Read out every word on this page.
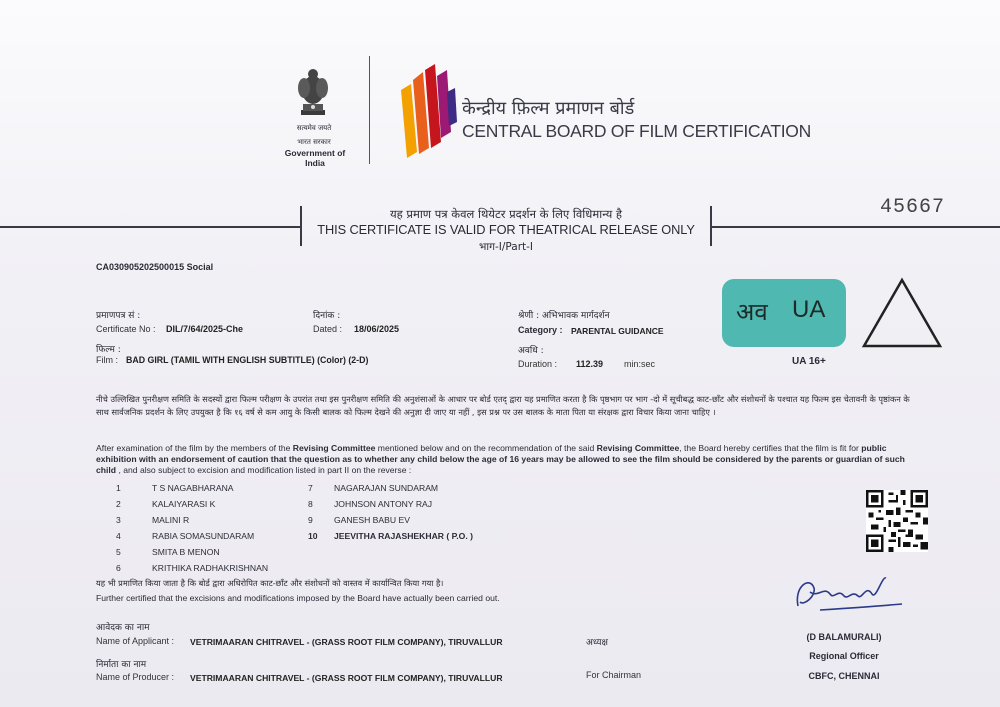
सत्यमेव जयते
भारत सरकार
Government of India
केन्द्रीय फ़िल्म प्रमाणन बोर्ड
CENTRAL BOARD OF FILM CERTIFICATION
45667
यह प्रमाण पत्र केवल थियेटर प्रदर्शन के लिए विधिमान्य है
THIS CERTIFICATE IS VALID FOR THEATRICAL RELEASE ONLY
भाग-I/Part-I
CA030905202500015 Social
प्रमाणपत्र सं :
Certificate No : DIL/7/64/2025-Che
दिनांक :
Dated : 18/06/2025
श्रेणी : अभिभावक मार्गदर्शन
Category : PARENTAL GUIDANCE
फिल्म :
Film : BAD GIRL (TAMIL WITH ENGLISH SUBTITLE) (Color) (2-D)
अवधि :
Duration : 112.39 min:sec
अव UA
UA 16+
नीचे उल्लिखित पुनरीक्षण समिति के सदस्यों द्वारा फिल्म परीक्षण के उपरांत तथा इस पुनरीक्षण समिति की अनुशंसाओं के आधार पर बोर्ड एतद् द्वारा यह प्रमाणित करता है कि पृष्ठभाग पर भाग -दो में सूचीबद्ध काट-छाँट और संशोधनों के पश्चात यह फिल्म इस चेतावनी के पृष्ठांकन के साथ सार्वजनिक प्रदर्शन के लिए उपयुक्त है कि १६ वर्ष से कम आयु के किसी बालक को फिल्म देखने की अनुज्ञा दी जाए या नहीं , इस प्रश्न पर उस बालक के माता पिता या संरक्षक द्वारा विचार किया जाना चाहिए ।
After examination of the film by the members of the Revising Committee mentioned below and on the recommendation of the said Revising Committee, the Board hereby certifies that the film is fit for public exhibition with an endorsement of caution that the question as to whether any child below the age of 16 years may be allowed to see the film should be considered by the parents or guardian of such child , and also subject to excision and modification listed in part II on the reverse :
1	T S NAGABHARANA
2	KALAIYARASI K
3	MALINI R
4	RABIA SOMASUNDARAM
5	SMITA B MENON
6	KRITHIKA RADHAKRISHNAN
7 NAGARAJAN SUNDARAM
8 JOHNSON ANTONY RAJ
9 GANESH BABU EV
10 JEEVITHA RAJASHEKHAR ( P.O. )
यह भी प्रमाणित किया जाता है कि बोर्ड द्वारा अधिरोपित काट-छाँट और संशोधनों को वास्तव में कार्यान्वित किया गया है।
Further certified that the excisions and modifications imposed by the Board have actually been carried out.
आवेदक का नाम
Name of Applicant : VETRIMAARAN CHITRAVEL - (GRASS ROOT FILM COMPANY), TIRUVALLUR	अध्यक्ष
निर्माता का नाम
Name of Producer : VETRIMAARAN CHITRAVEL - (GRASS ROOT FILM COMPANY), TIRUVALLUR	For Chairman
(D BALAMURALI)
Regional Officer
CBFC, CHENNAI
